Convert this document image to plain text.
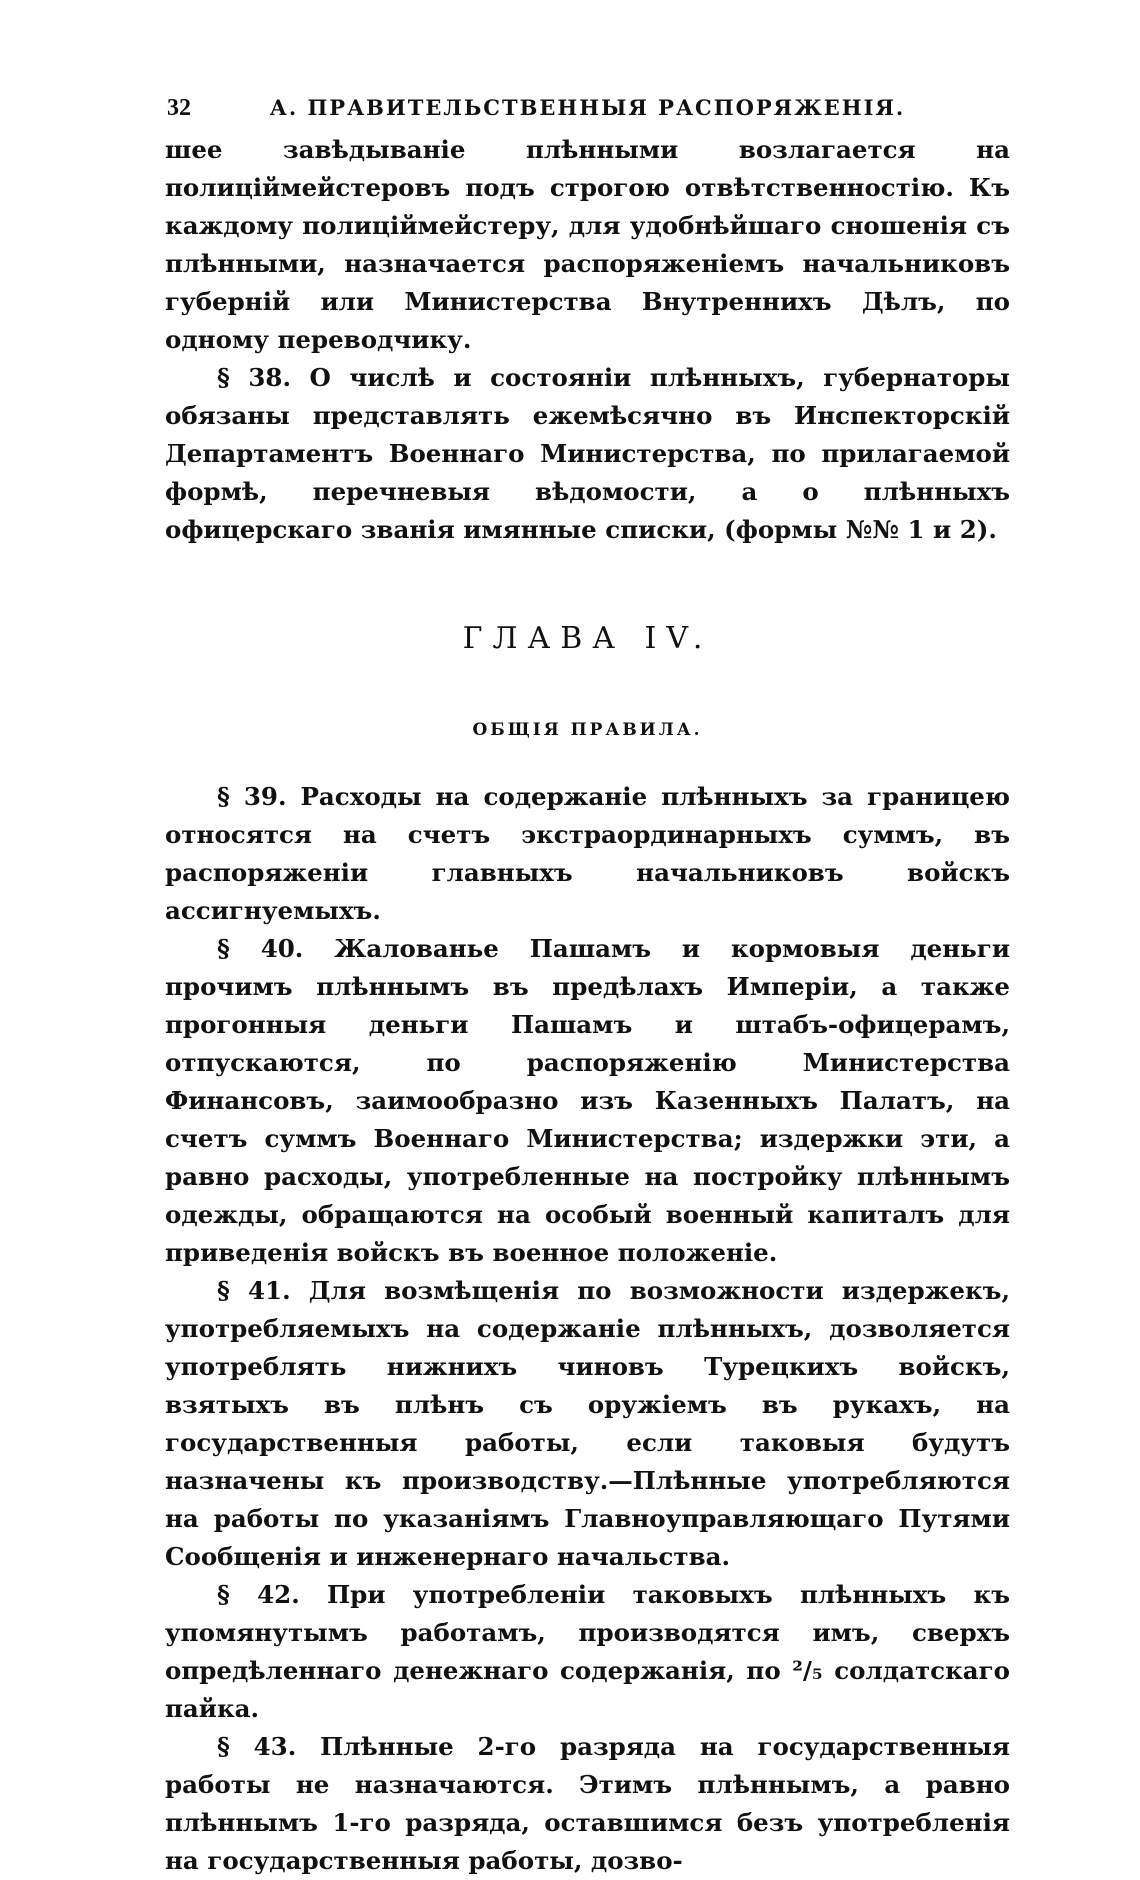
32	А. ПРАВИТЕЛЬСТВЕННЫЯ РАСПОРЯЖЕНІЯ.

шее завѣдываніе плѣнными возлагается на полиціймейстеровъ подъ строгою отвѣтственностію. Къ каждому полиціймейстеру, для удобнѣйшаго сношенія съ плѣнными, назначается распоряженіемъ начальниковъ губерній или Министерства Внутреннихъ Дѣлъ, по одному переводчику.

§ 38. О числѣ и состояніи плѣнныхъ, губернаторы обязаны представлять ежемѣсячно въ Инспекторскій Департаментъ Военнаго Министерства, по прилагаемой формѣ, перечневыя вѣдомости, а о плѣнныхъ офицерскаго званія имянные списки, (формы №№ 1 и 2).

ГЛАВА IV.
ОБЩІЯ ПРАВИЛА.

§ 39. Расходы на содержаніе плѣнныхъ за границею относятся на счетъ экстраординарныхъ суммъ, въ распоряженіи главныхъ начальниковъ войскъ ассигнуемыхъ.

§ 40. Жалованье Пашамъ и кормовыя деньги прочимъ плѣннымъ въ предѣлахъ Имперіи, а также прогонныя деньги Пашамъ и штабъ-офицерамъ, отпускаются, по распоряженію Министерства Финансовъ, заимообразно изъ Казенныхъ Палатъ, на счетъ суммъ Военнаго Министерства; издержки эти, а равно расходы, употребленные на постройку плѣннымъ одежды, обращаются на особый военный капиталъ для приведенія войскъ въ военное положеніе.

§ 41. Для возмѣщенія по возможности издержекъ, употребляемыхъ на содержаніе плѣнныхъ, дозволяется употреблять нижнихъ чиновъ Турецкихъ войскъ, взятыхъ въ плѣнъ съ оружіемъ въ рукахъ, на государственныя работы, если таковыя будутъ назначены къ производству.—Плѣнные употребляются на работы по указаніямъ Главноуправляющаго Путями Сообщенія и инженернаго начальства.

§ 42. При употребленіи таковыхъ плѣнныхъ къ упомянутымъ работамъ, производятся имъ, сверхъ опредѣленнаго денежнаго содержанія, по ²/₅ солдатскаго пайка.

§ 43. Плѣнные 2-го разряда на государственныя работы не назначаются. Этимъ плѣннымъ, а равно плѣннымъ 1-го разряда, оставшимся безъ употребленія на государственныя работы, дозво-
